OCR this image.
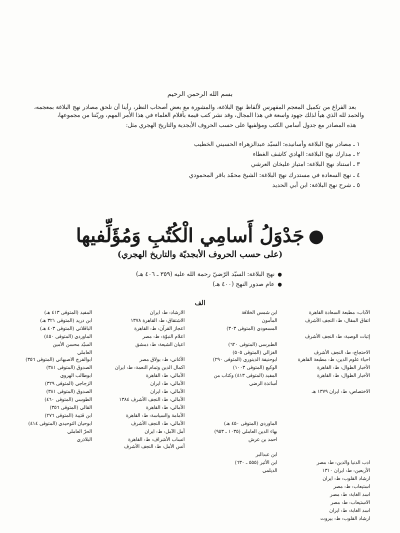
بسم الله الرحمن الرحيم

بعد الفراغ من تكميل المعجم المفهرس لألفاظ نهج البلاغة، والمشورة مع بعض أصحاب النظر، رأينا أن نلحق مصادر نهج البلاغة بمعجمه، والحمد لله الذي هيأ لذلك جهود واسعة في هذا المجال، وقد نشر كتب قيمة بأقلام العلماء في هذا الأمر المهم، وربّتنا من مجموعها،

هذه المصادر مع جدول أسامي الكتب ومؤلفيها على حسب الحروف الأبجدية والتاريخ الهجري مثل:

١ ـ مصادر نهج البلاغة وأسانيده: السيّد عبدالزهراء الحسيني الخطيب
٢ ـ مدارك نهج البلاغة: الهادي كاشف الغطاء
٣ ـ استناد نهج البلاغة: امتياز عليخان العرشي
٤ ـ نهج السعادة في مستدرك نهج البلاغة: الشيخ محمّد باقر المحمودي
٥ ـ شرح نهج البلاغة: ابن أبي الحديد
●جَدْوَلُ أَسامِي الْكُتُبِ وَمُؤَلِّفيها
(على حسب الحروف الأبجديّة والتاريخ الهجري)
● نهج البلاغة: السيّد الرّضيّ رحمة الله عليه (٣٥٩ ـ ٤٠٦ هـ)
● عام صدور النهج (٤٠٠ هـ)
الف
الآداب: مطبعة السعادة القاهرة
اتفاق المقال: ط: النجف الأشرف

إثبات الوصية: ط: النجف الأشرف

الاحتجاج: ط: النجف الأشرف
احياء علوم الدين: ط: مطبعة القاهرة
الأخبار الطوال: ط: القاهرة
الأخبار الطوال: ط: القاهرة

الاختصاص: ط: ايران ١٣٧٩ هـ

ادب الدنيا والدين: ط: مصر
الأربعين: ط: ايران ١٣١٠
ارشاد القلوب: ط: ايران
استيعاب: ط: مصر
اسد الغابة: ط: مصر
الاستيعاب: ط: مصر
اسد الغابة: ط: ايران
ارشاد القلوب: ط: بيروت
ابن شمس الخلافة
المأمون
المسعودي (المتوفى ٣٠٣)

الطبرسي (المتوفى ٦٢٠)
الغزالي (المتوفى ٥٠٥)
ابوحنيفة الدينوري (المتوفى ٢٩٠)
الوكيع (المتوفى ١٠٠٣)
المفيد (المتوفى ٤١٣) وكتاب من
أساتذة الرضي

الماوردي (المتوفى ٤٥٠ هـ)
بهاء الدين العاملي (١٠٣٥ ـ ٩٥٣)
احمد بن عرش

ابن عبدالبر
ابن الأثير (٥٥٥ ـ ٦٣٠)
الديلمي
الارشاد: ط: ايران
الاشتقاق: ط: القاهرة ١٣٧٨
اعجاز القرآن: ط: القاهرة
اعلام النبوّة: ط: مصر
اعيان الشيعة: ط: دمشق

الأغاني: ط: بولاق مصر
اكمال الدين وتمام النعمة: ط: ايران
الأمالي: ط: القاهرة
الأمالي: ط: ايران
الأمالي: ط: ايران
الأمالي: ط: النجف الأشرف ١٣٨٤
الأمالي: ط: القاهرة
الأمامة والسياسة: ط: القاهرة
الأمالي: ط: النجف الأشرف
أمل الآمل: ط: ايران
انساب الأشراف: ط: القاهرة
أنس الأمل: ط: النجف الأشرف
المفيد (المتوفى ٤١٣ هـ)
ابن دريد (المتوفى ٣٢١ هـ)
الباقلاني (المتوفى ٤٠٣ هـ)
الماوردي (المتوفى ٤٥٠)
السيّد محسن الأمين
العاملي
ابوالفرج الاصبهاني (المتوفى ٣٥٦)
الصدوق (المتوفى ٣٨١)
ابوطالب الهروي
الزجاجي (المتوفى ٣٢٩)
الصدوق (المتوفى ٣٨١)
الطوسي (المتوفى ٤٦٠)
القالي (المتوفى ٣٥٦)
ابن قتيبة (المتوفى ٢٧٦)
ابوحيان التوحيدي (المتوفى ٤١٤)
الحرّ العاملي
البلاذري
